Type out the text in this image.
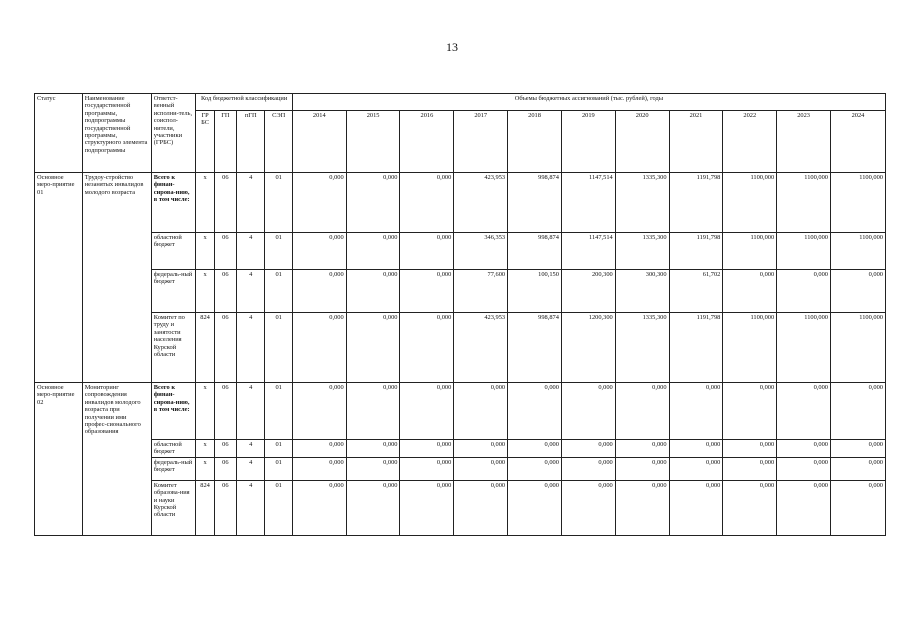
13
Статус	Наименование государственной программы, подпрограммы государственной программы, структурного элемента подпрограммы	Ответст-венный исполни-тель, соиспол-нители, участники (ГРБС)	Код бюджетной классификации				Объемы бюджетных ассигнований (тыс. рублей), годы										
			ГР БС	ГП	пГП	СЭП	2014	2015	2016	2017	2018	2019	2020	2021	2022	2023	2024
Основное меро-приятие 01	Трудоу-стройство незанятых инвалидов молодого возраста	Всего к финан-сирова-нию, в том числе:	x	06	4	01	0,000	0,000	0,000	423,953	998,874	1147,514	1335,300	1191,798	1100,000	1100,000	1100,000
		областной бюджет	x	06	4	01	0,000	0,000	0,000	346,353	998,874	1147,514	1335,300	1191,798	1100,000	1100,000	1100,000
		федераль-ный бюджет	x	06	4	01	0,000	0,000	0,000	77,600	100,150	200,300	300,300	61,702	0,000	0,000	0,000
		Комитет по труду и занятости населения Курской области	824	06	4	01	0,000	0,000	0,000	423,953	998,874	1200,300	1335,300	1191,798	1100,000	1100,000	1100,000
Основное меро-приятие 02	Мониторинг сопровождения инвалидов молодого возраста при получении ими профес-сионального образования	Всего к финан-сирова-нию, в том числе:	x	06	4	01	0,000	0,000	0,000	0,000	0,000	0,000	0,000	0,000	0,000	0,000	0,000
		областной бюджет	x	06	4	01	0,000	0,000	0,000	0,000	0,000	0,000	0,000	0,000	0,000	0,000	0,000
		федераль-ный бюджет	x	06	4	01	0,000	0,000	0,000	0,000	0,000	0,000	0,000	0,000	0,000	0,000	0,000
		Комитет образова-ния и науки Курской области	824	06	4	01	0,000	0,000	0,000	0,000	0,000	0,000	0,000	0,000	0,000	0,000	0,000
